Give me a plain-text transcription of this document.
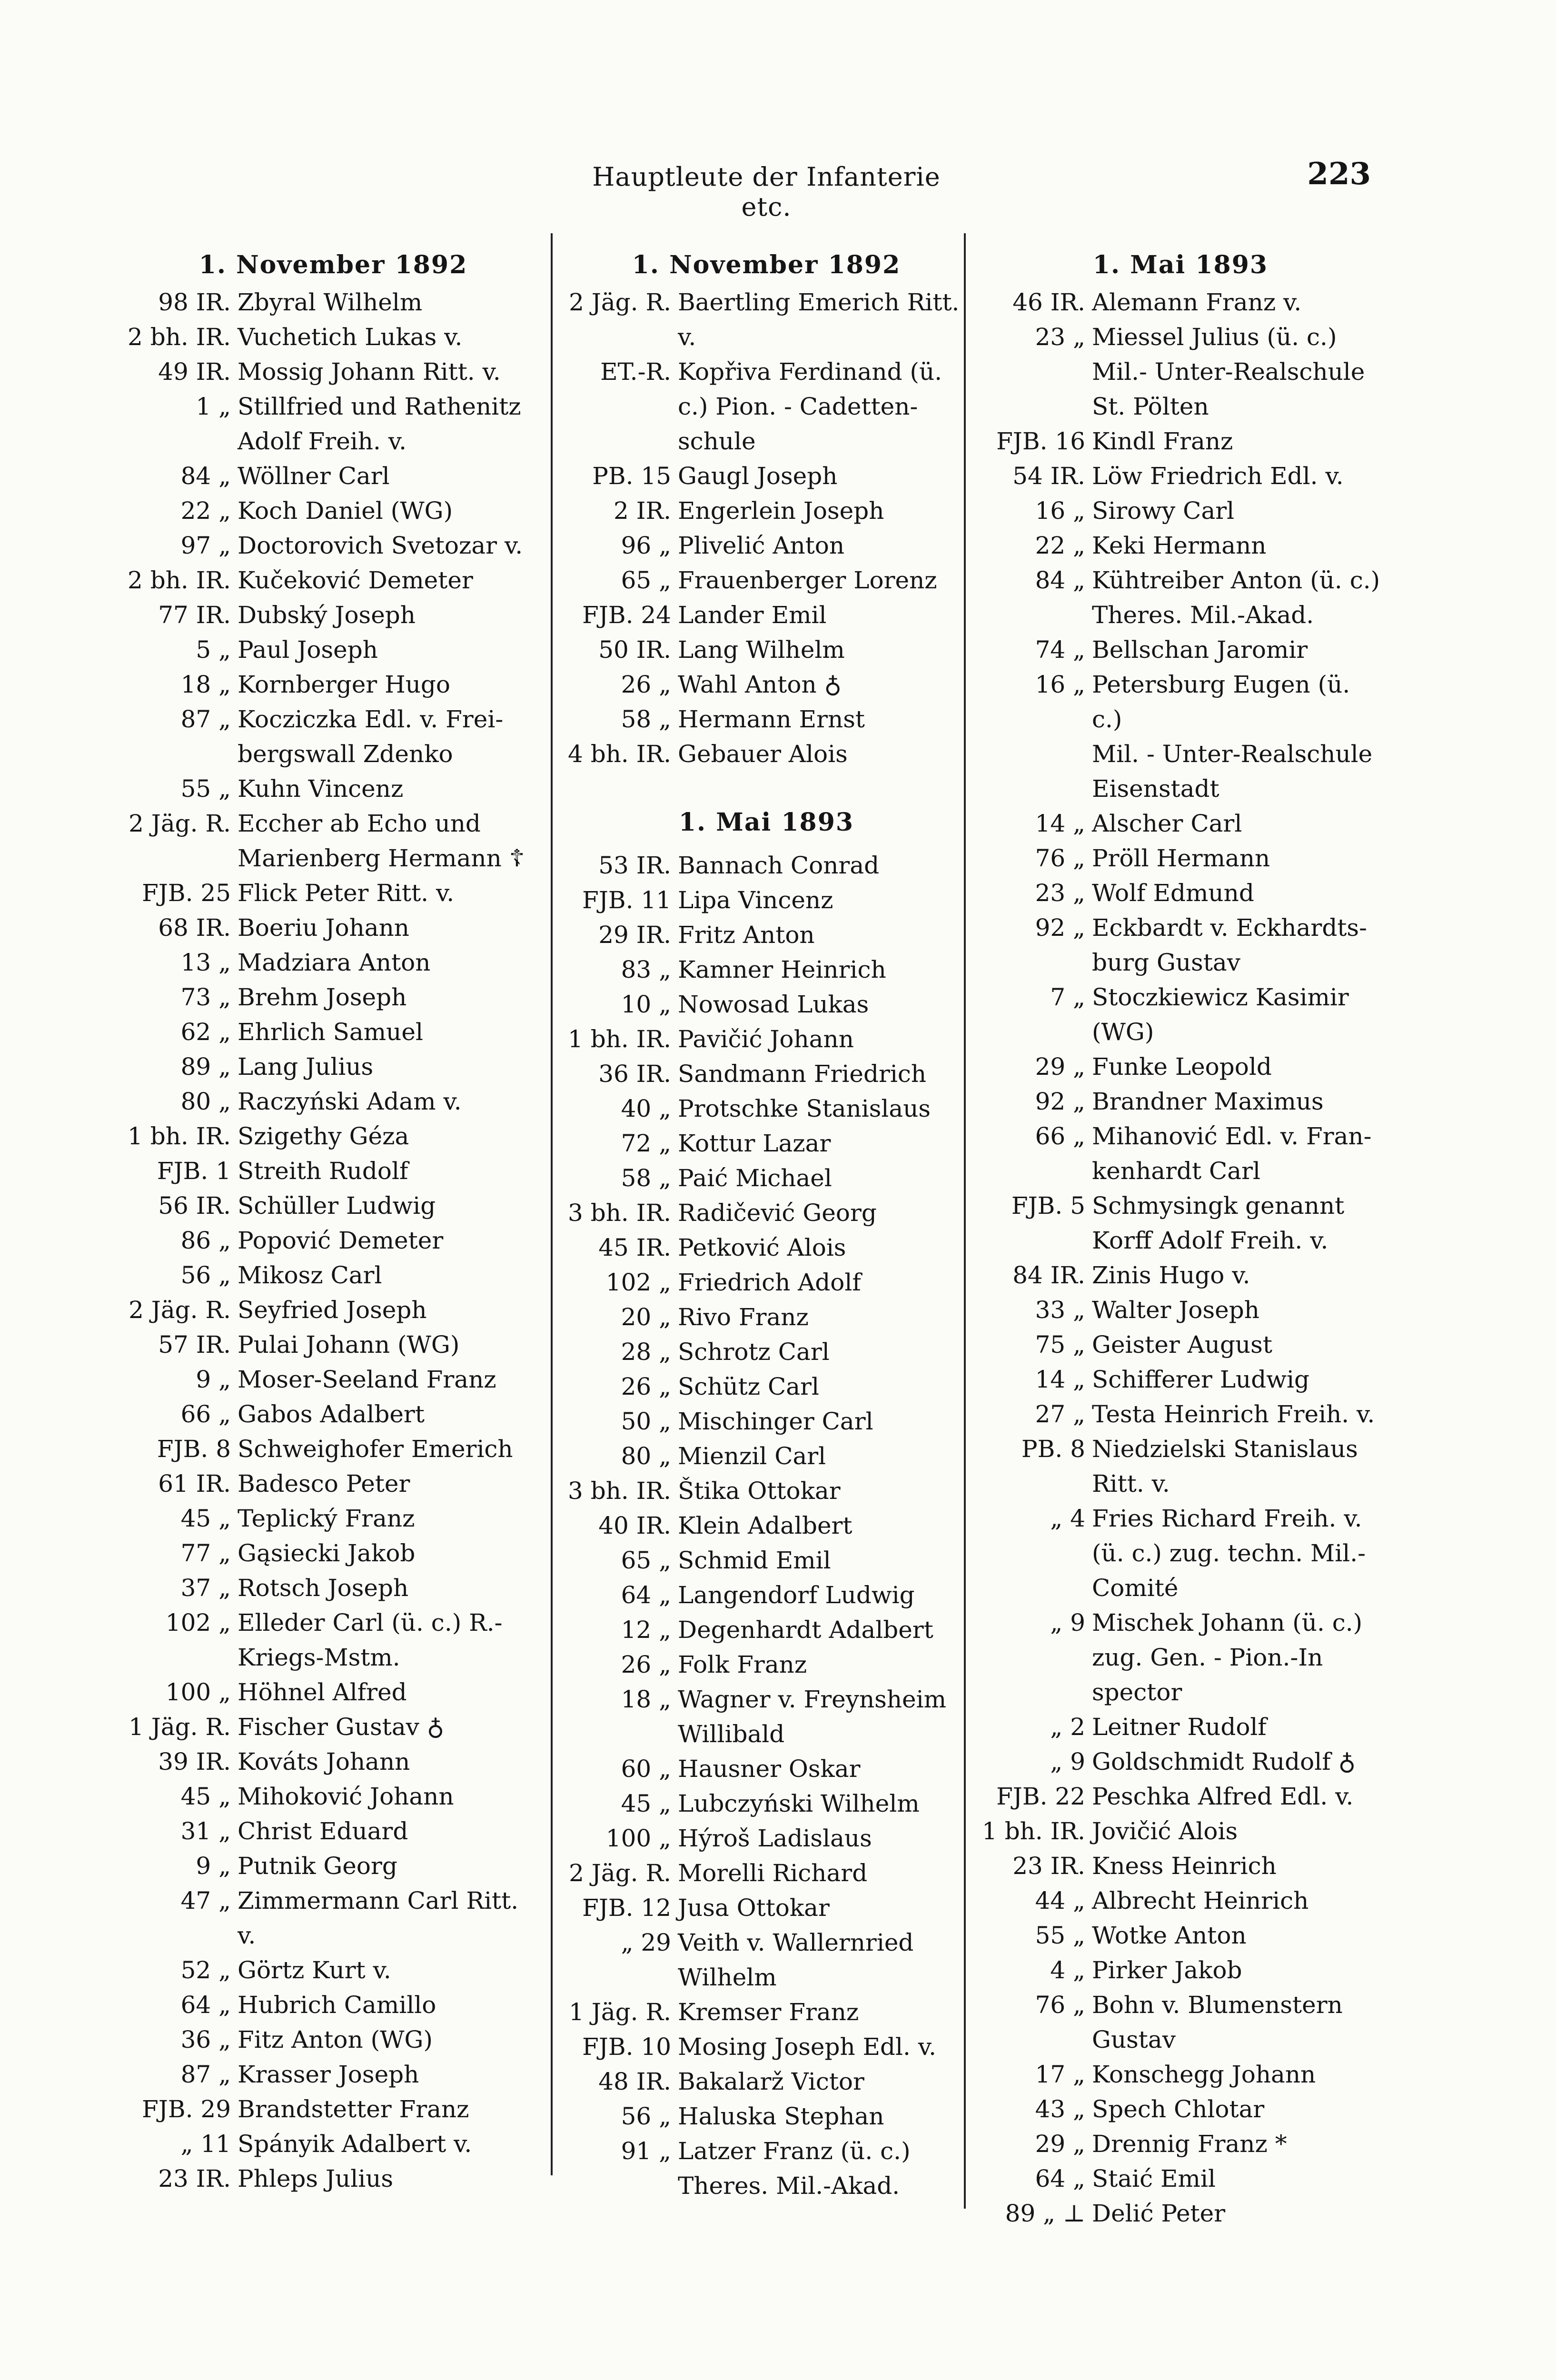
Hauptleute der Infanterie etc.
223
1. November 1892
98 IR. Zbyral Wilhelm
2 bh. IR. Vuchetich Lukas v.
49 IR. Mossig Johann Ritt. v.
1 „ Stillfried und Rathenitz
Adolf Freih. v.
84 „ Wöllner Carl
22 „ Koch Daniel (WG)
97 „ Doctorovich Svetozar v.
2 bh. IR. Kučeković Demeter
77 IR. Dubský Joseph
5 „ Paul Joseph
18 „ Kornberger Hugo
87 „ Kocziczka Edl. v. Frei-
bergswall Zdenko
55 „ Kuhn Vincenz
2 Jäg. R. Eccher ab Echo und
Marienberg Hermann ☦
FJB. 25 Flick Peter Ritt. v.
68 IR. Boeriu Johann
13 „ Madziara Anton
73 „ Brehm Joseph
62 „ Ehrlich Samuel
89 „ Lang Julius
80 „ Raczyński Adam v.
1 bh. IR. Szigethy Géza
FJB. 1 Streith Rudolf
56 IR. Schüller Ludwig
86 „ Popović Demeter
56 „ Mikosz Carl
2 Jäg. R. Seyfried Joseph
57 IR. Pulai Johann (WG)
9 „ Moser-Seeland Franz
66 „ Gabos Adalbert
FJB. 8 Schweighofer Emerich
61 IR. Badesco Peter
45 „ Teplický Franz
77 „ Gąsiecki Jakob
37 „ Rotsch Joseph
102 „ Elleder Carl (ü. c.) R.-
Kriegs-Mstm.
100 „ Höhnel Alfred
1 Jäg. R. Fischer Gustav ♁
39 IR. Kováts Johann
45 „ Mihoković Johann
31 „ Christ Eduard
9 „ Putnik Georg
47 „ Zimmermann Carl Ritt.
v.
52 „ Görtz Kurt v.
64 „ Hubrich Camillo
36 „ Fitz Anton (WG)
87 „ Krasser Joseph
FJB. 29 Brandstetter Franz
„ 11 Spányik Adalbert v.
23 IR. Phleps Julius
1. November 1892
2 Jäg. R. Baertling Emerich Ritt.
v.
ET.-R. Kopřiva Ferdinand (ü.
c.) Pion. - Cadetten-
schule
PB. 15 Gaugl Joseph
2 IR. Engerlein Joseph
96 „ Plivelić Anton
65 „ Frauenberger Lorenz
FJB. 24 Lander Emil
50 IR. Lang Wilhelm
26 „ Wahl Anton ♁
58 „ Hermann Ernst
4 bh. IR. Gebauer Alois
1. Mai 1893
53 IR. Bannach Conrad
FJB. 11 Lipa Vincenz
29 IR. Fritz Anton
83 „ Kamner Heinrich
10 „ Nowosad Lukas
1 bh. IR. Pavičić Johann
36 IR. Sandmann Friedrich
40 „ Protschke Stanislaus
72 „ Kottur Lazar
58 „ Paić Michael
3 bh. IR. Radičević Georg
45 IR. Petković Alois
102 „ Friedrich Adolf
20 „ Rivo Franz
28 „ Schrotz Carl
26 „ Schütz Carl
50 „ Mischinger Carl
80 „ Mienzil Carl
3 bh. IR. Štika Ottokar
40 IR. Klein Adalbert
65 „ Schmid Emil
64 „ Langendorf Ludwig
12 „ Degenhardt Adalbert
26 „ Folk Franz
18 „ Wagner v. Freynsheim
Willibald
60 „ Hausner Oskar
45 „ Lubczyński Wilhelm
100 „ Hýroš Ladislaus
2 Jäg. R. Morelli Richard
FJB. 12 Jusa Ottokar
„ 29 Veith v. Wallernried
Wilhelm
1 Jäg. R. Kremser Franz
FJB. 10 Mosing Joseph Edl. v.
48 IR. Bakalarž Victor
56 „ Haluska Stephan
91 „ Latzer Franz (ü. c.)
Theres. Mil.-Akad.
1. Mai 1893
46 IR. Alemann Franz v.
23 „ Miessel Julius (ü. c.)
Mil.- Unter-Realschule
St. Pölten
FJB. 16 Kindl Franz
54 IR. Löw Friedrich Edl. v.
16 „ Sirowy Carl
22 „ Keki Hermann
84 „ Kühtreiber Anton (ü. c.)
Theres. Mil.-Akad.
74 „ Bellschan Jaromir
16 „ Petersburg Eugen (ü. c.)
Mil. - Unter-Realschule
Eisenstadt
14 „ Alscher Carl
76 „ Pröll Hermann
23 „ Wolf Edmund
92 „ Eckbardt v. Eckhardts-
burg Gustav
7 „ Stoczkiewicz Kasimir
(WG)
29 „ Funke Leopold
92 „ Brandner Maximus
66 „ Mihanović Edl. v. Fran-
kenhardt Carl
FJB. 5 Schmysingk genannt
Korff Adolf Freih. v.
84 IR. Zinis Hugo v.
33 „ Walter Joseph
75 „ Geister August
14 „ Schifferer Ludwig
27 „ Testa Heinrich Freih. v.
PB. 8 Niedzielski Stanislaus
Ritt. v.
„ 4 Fries Richard Freih. v.
(ü. c.) zug. techn. Mil.-
Comité
„ 9 Mischek Johann (ü. c.)
zug. Gen. - Pion.-In
spector
„ 2 Leitner Rudolf
„ 9 Goldschmidt Rudolf ♁
FJB. 22 Peschka Alfred Edl. v.
1 bh. IR. Jovičić Alois
23 IR. Kness Heinrich
44 „ Albrecht Heinrich
55 „ Wotke Anton
4 „ Pirker Jakob
76 „ Bohn v. Blumenstern
Gustav
17 „ Konschegg Johann
43 „ Spech Chlotar
29 „ Drennig Franz *
64 „ Staić Emil
89 „ ⊥ Delić Peter
